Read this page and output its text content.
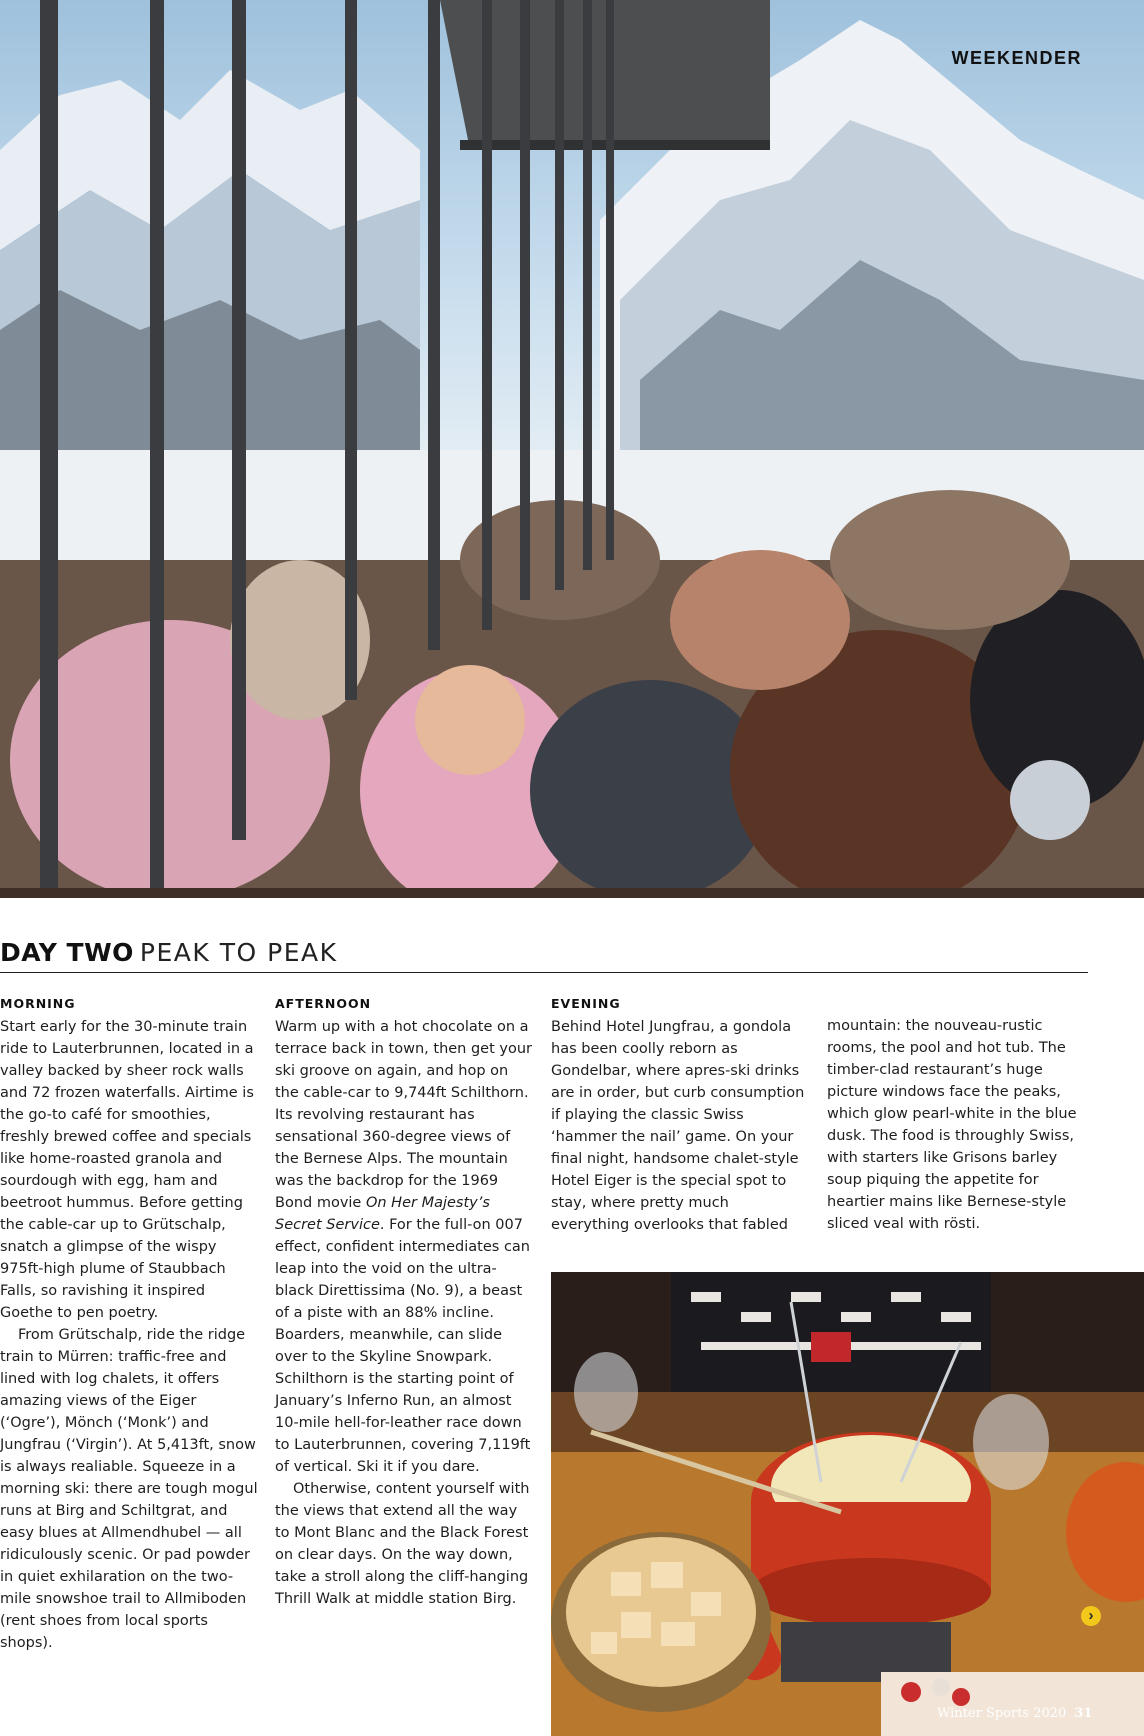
WEEKENDER
DAY TWO PEAK TO PEAK
MORNING

Start early for the 30-minute train ride to Lauterbrunnen, located in a valley backed by sheer rock walls and 72 frozen waterfalls. Airtime is the go-to café for smoothies, freshly brewed coffee and specials like home-roasted granola and sourdough with egg, ham and beetroot hummus. Before getting the cable-car up to Grütschalp, snatch a glimpse of the wispy 975ft-high plume of Staubbach Falls, so ravishing it inspired Goethe to pen poetry.

From Grütschalp, ride the ridge train to Mürren: traffic-free and lined with log chalets, it offers amazing views of the Eiger (‘Ogre’), Mönch (‘Monk’) and Jungfrau (‘Virgin’). At 5,413ft, snow is always realiable. Squeeze in a morning ski: there are tough mogul runs at Birg and Schiltgrat, and easy blues at Allmendhubel — all ridiculously scenic. Or pad powder in quiet exhilaration on the two-mile snowshoe trail to Allmiboden (rent shoes from local sports shops).

AFTERNOON

Warm up with a hot chocolate on a terrace back in town, then get your ski groove on again, and hop on the cable-car to 9,744ft Schilthorn. Its revolving restaurant has sensational 360-degree views of the Bernese Alps. The mountain was the backdrop for the 1969 Bond movie On Her Majesty’s Secret Service. For the full-on 007 effect, confident intermediates can leap into the void on the ultra-black Direttissima (No. 9), a beast of a piste with an 88% incline. Boarders, meanwhile, can slide over to the Skyline Snowpark. Schilthorn is the starting point of January’s Inferno Run, an almost 10-mile hell-for-leather race down to Lauterbrunnen, covering 7,119ft of vertical. Ski it if you dare.

Otherwise, content yourself with the views that extend all the way to Mont Blanc and the Black Forest on clear days. On the way down, take a stroll along the cliff-hanging Thrill Walk at middle station Birg.

EVENING

Behind Hotel Jungfrau, a gondola has been coolly reborn as Gondelbar, where apres-ski drinks are in order, but curb consumption if playing the classic Swiss ‘hammer the nail’ game. On your final night, handsome chalet-style Hotel Eiger is the special spot to stay, where pretty much everything overlooks that fabled

mountain: the nouveau-rustic rooms, the pool and hot tub. The timber-clad restaurant’s huge picture windows face the peaks, which glow pearl-white in the blue dusk. The food is throughly Swiss, with starters like Grisons barley soup piquing the appetite for heartier mains like Bernese-style sliced veal with rösti.

›
Winter Sports 2020 31
